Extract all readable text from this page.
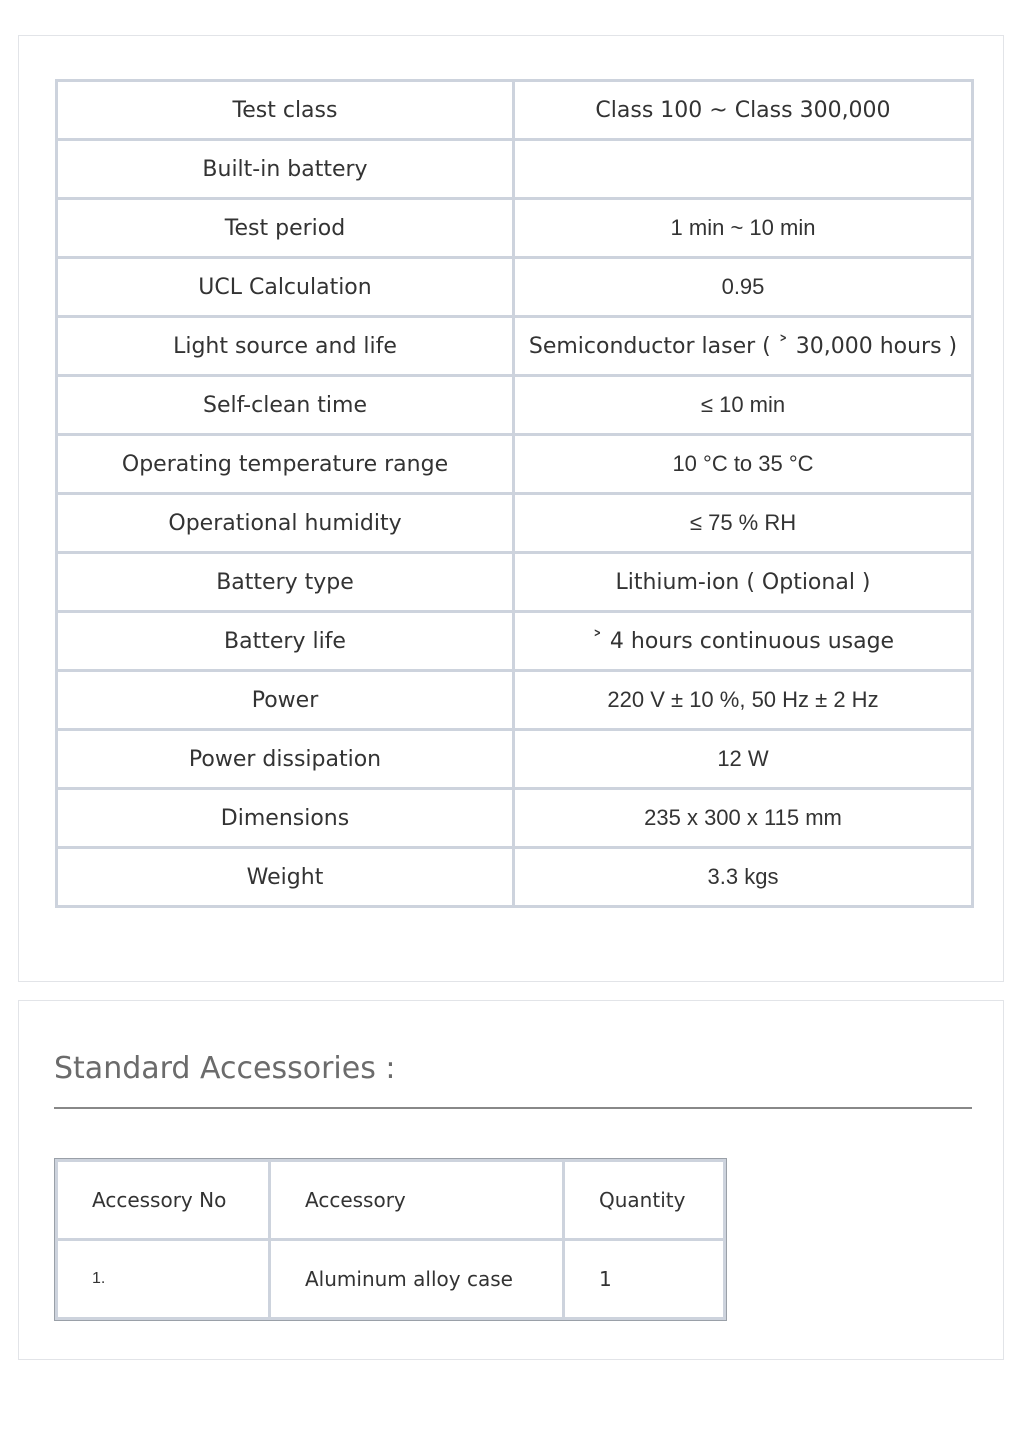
Test class	Class 100 ~ Class 300,000
Built-in battery	
Test period	1 min ~ 10 min
UCL Calculation	0.95
Light source and life	Semiconductor laser ( ˃ 30,000 hours )
Self-clean time	≤ 10 min
Operating temperature range	10 °C to 35 °C
Operational humidity	≤ 75 % RH
Battery type	Lithium-ion ( Optional )
Battery life	˃ 4 hours continuous usage
Power	220 V ± 10 %, 50 Hz ± 2 Hz
Power dissipation	12 W
Dimensions	235 x 300 x 115 mm
Weight	3.3 kgs
Standard Accessories :
Accessory No	Accessory	Quantity
1.	Aluminum alloy case	1
